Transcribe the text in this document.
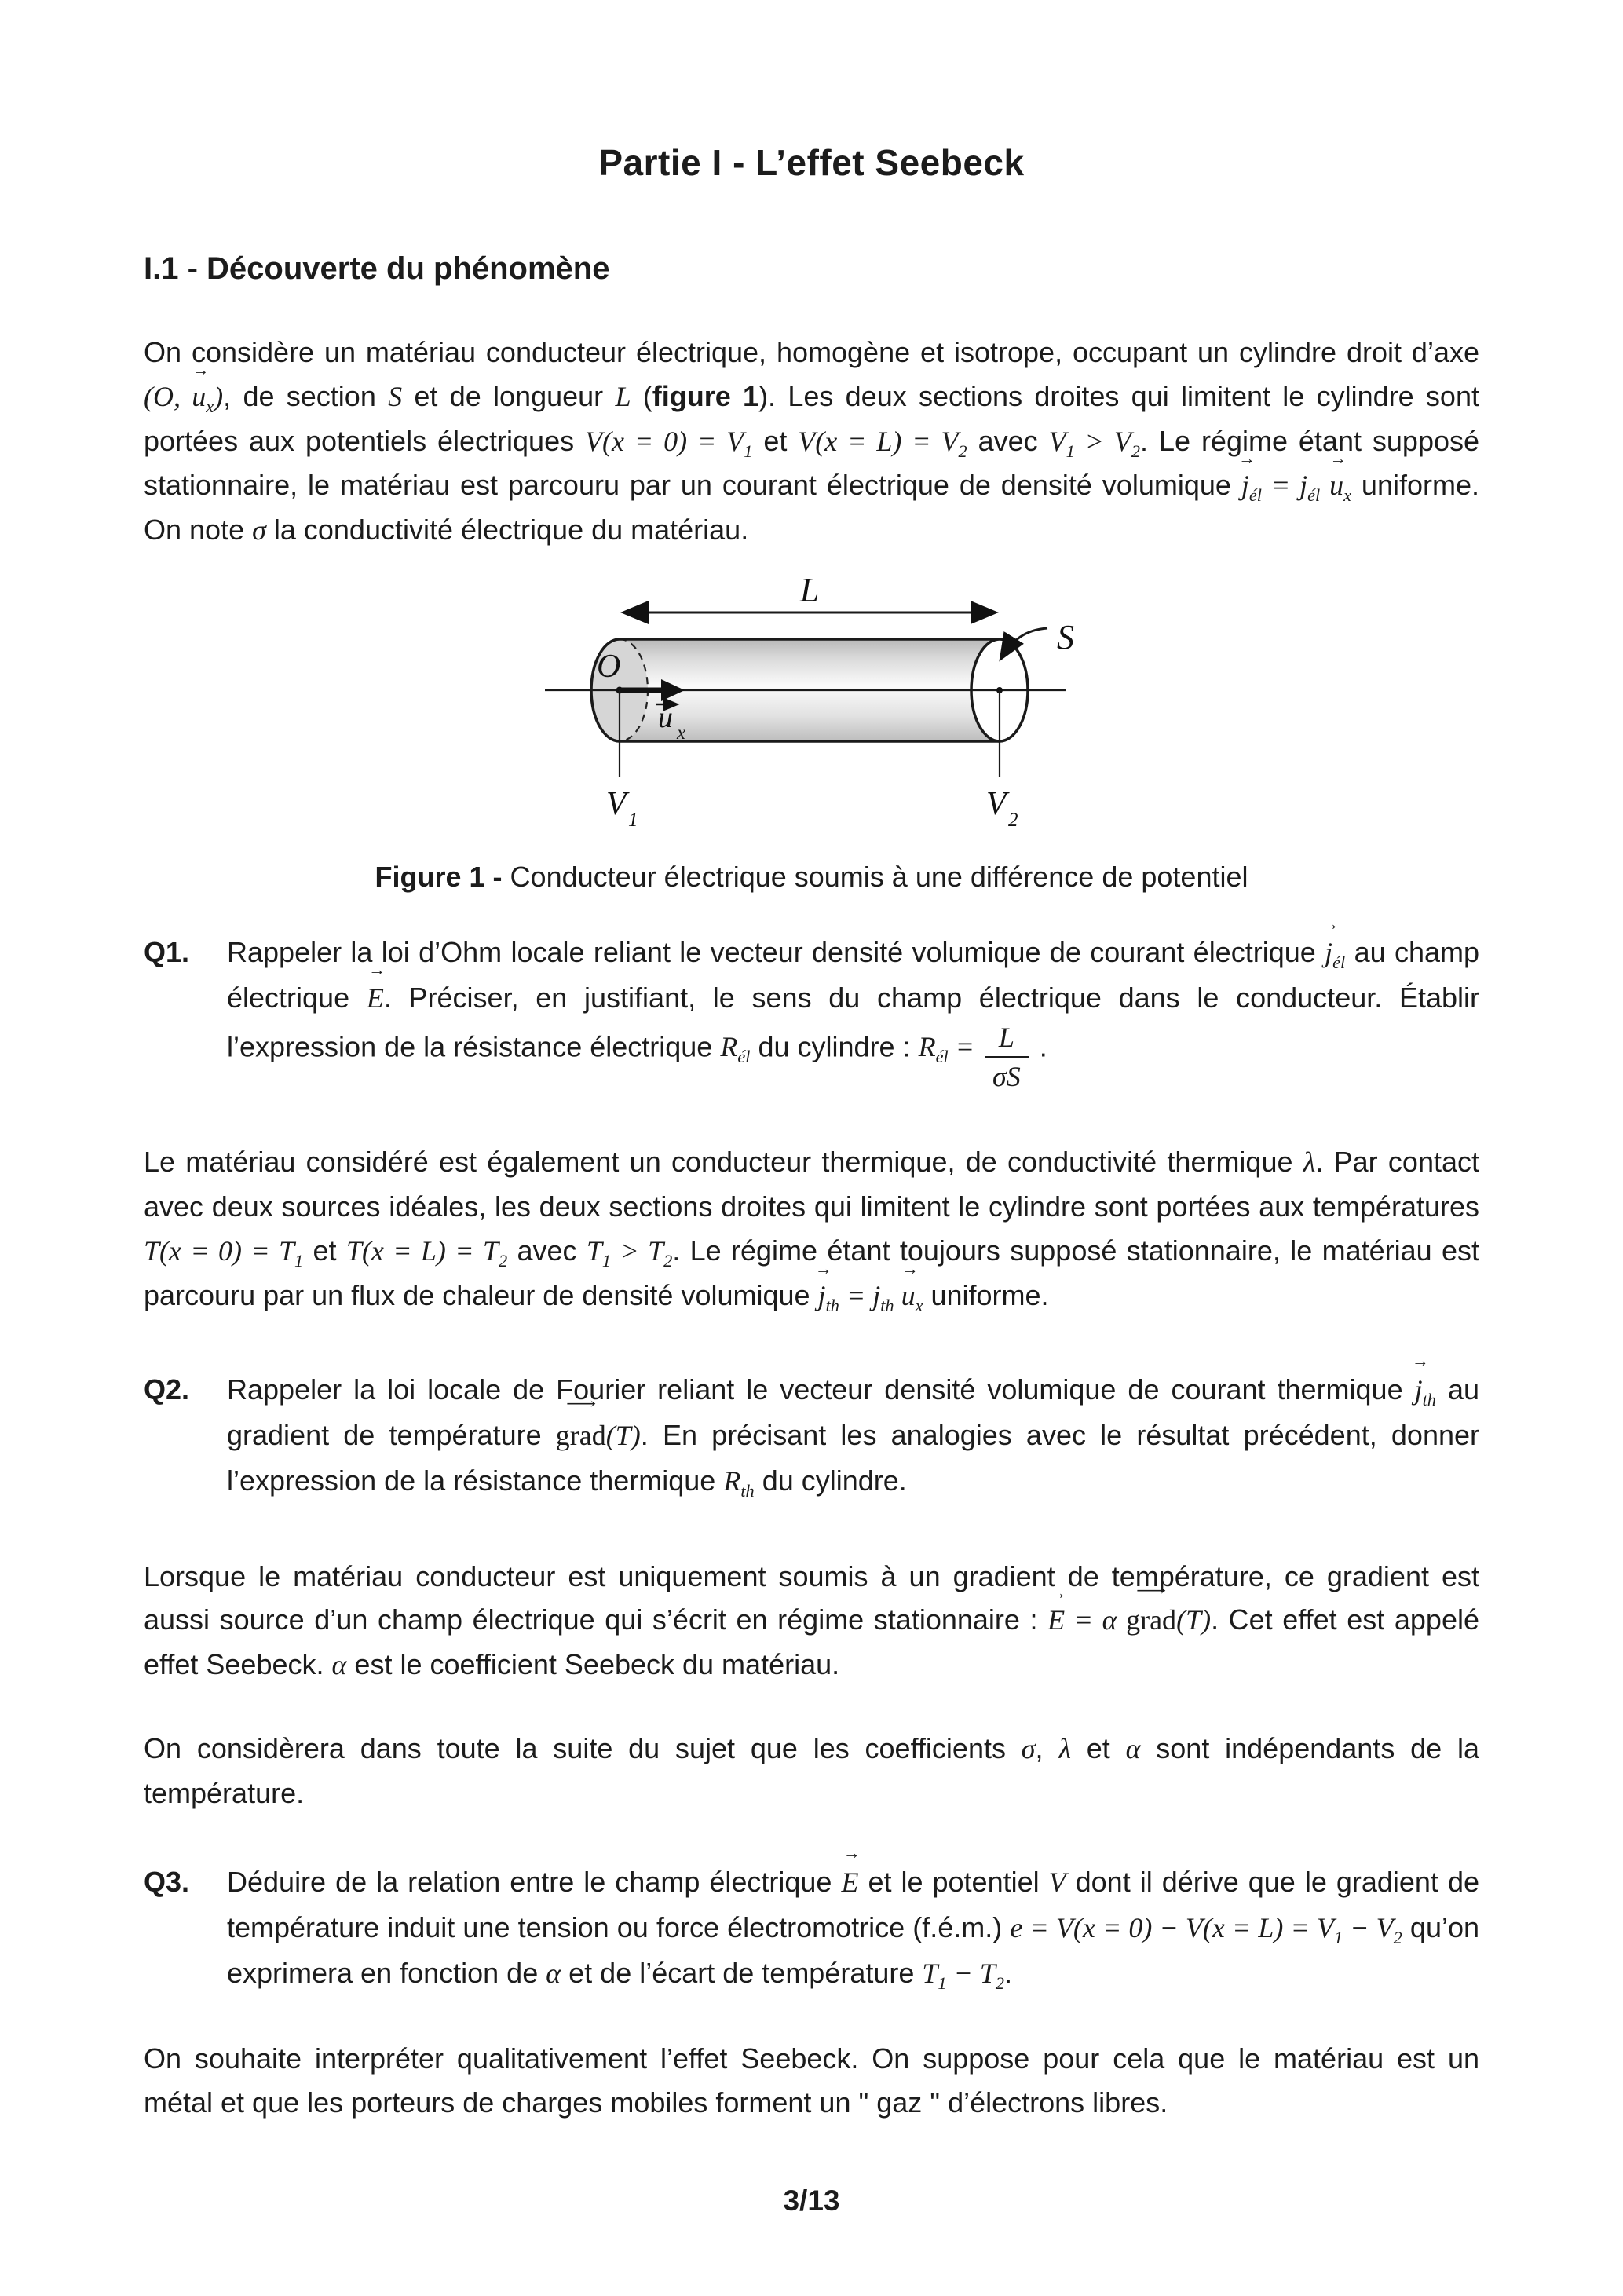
Partie I - L’effet Seebeck
I.1 - Découverte du phénomène

On considère un matériau conducteur électrique, homogène et isotrope, occupant un cylindre droit d’axe (O, $u \to_x$), de section S et de longueur L (figure 1). Les deux sections droites qui limitent le cylindre sont portées aux potentiels électriques $V(x = 0) = V_1$ et $V(x = L) = V_2$ avec $V_1 > V_2$. Le régime étant supposé stationnaire, le matériau est parcouru par un courant électrique de densité volumique $j \to_{él} = j_{él}$ $u \to_x$ uniforme. On note σ la conductivité électrique du matériau.

L
S
O
u x
V 1	V 2
Figure 1 - Conducteur électrique soumis à une différence de potentiel
Q1.	Rappeler la loi d’Ohm locale reliant le vecteur densité volumique de courant électrique $j \to_{él}$ au champ électrique E →. Préciser, en justifiant, le sens du champ électrique dans le conducteur. Établir l’expression de la résistance électrique $R_{él}$ du cylindre : $R_{él} = \frac{L}{\sigma S}$ .

Le matériau considéré est également un conducteur thermique, de conductivité thermique λ. Par contact avec deux sources idéales, les deux sections droites qui limitent le cylindre sont portées aux températures $T(x = 0) = T_1$ et $T(x = L) = T_2$ avec $T_1 > T_2$. Le régime étant toujours supposé stationnaire, le matériau est parcouru par un flux de chaleur de densité volumique $j \to_{th} = j_{th}$ $u \to_x$ uniforme.

Q2.	Rappeler la loi locale de Fourier reliant le vecteur densité volumique de courant thermique $j \to_{th}$ au gradient de température grad ⟶(T). En précisant les analogies avec le résultat précédent, donner l’expression de la résistance thermique $R_{th}$ du cylindre.

Lorsque le matériau conducteur est uniquement soumis à un gradient de température, ce gradient est aussi source d’un champ électrique qui s’écrit en régime stationnaire : E → = α grad ⟶(T). Cet effet est appelé effet Seebeck. α est le coefficient Seebeck du matériau.

On considèrera dans toute la suite du sujet que les coefficients σ, λ et α sont indépendants de la température.

Q3.	Déduire de la relation entre le champ électrique E → et le potentiel V dont il dérive que le gradient de température induit une tension ou force électromotrice (f.é.m.) $e = V(x = 0) - V(x = L) = V_1 - V_2$ qu’on exprimera en fonction de α et de l’écart de température $T_1 - T_2$.

On souhaite interpréter qualitativement l’effet Seebeck. On suppose pour cela que le matériau est un métal et que les porteurs de charges mobiles forment un " gaz " d’électrons libres.

3/13
